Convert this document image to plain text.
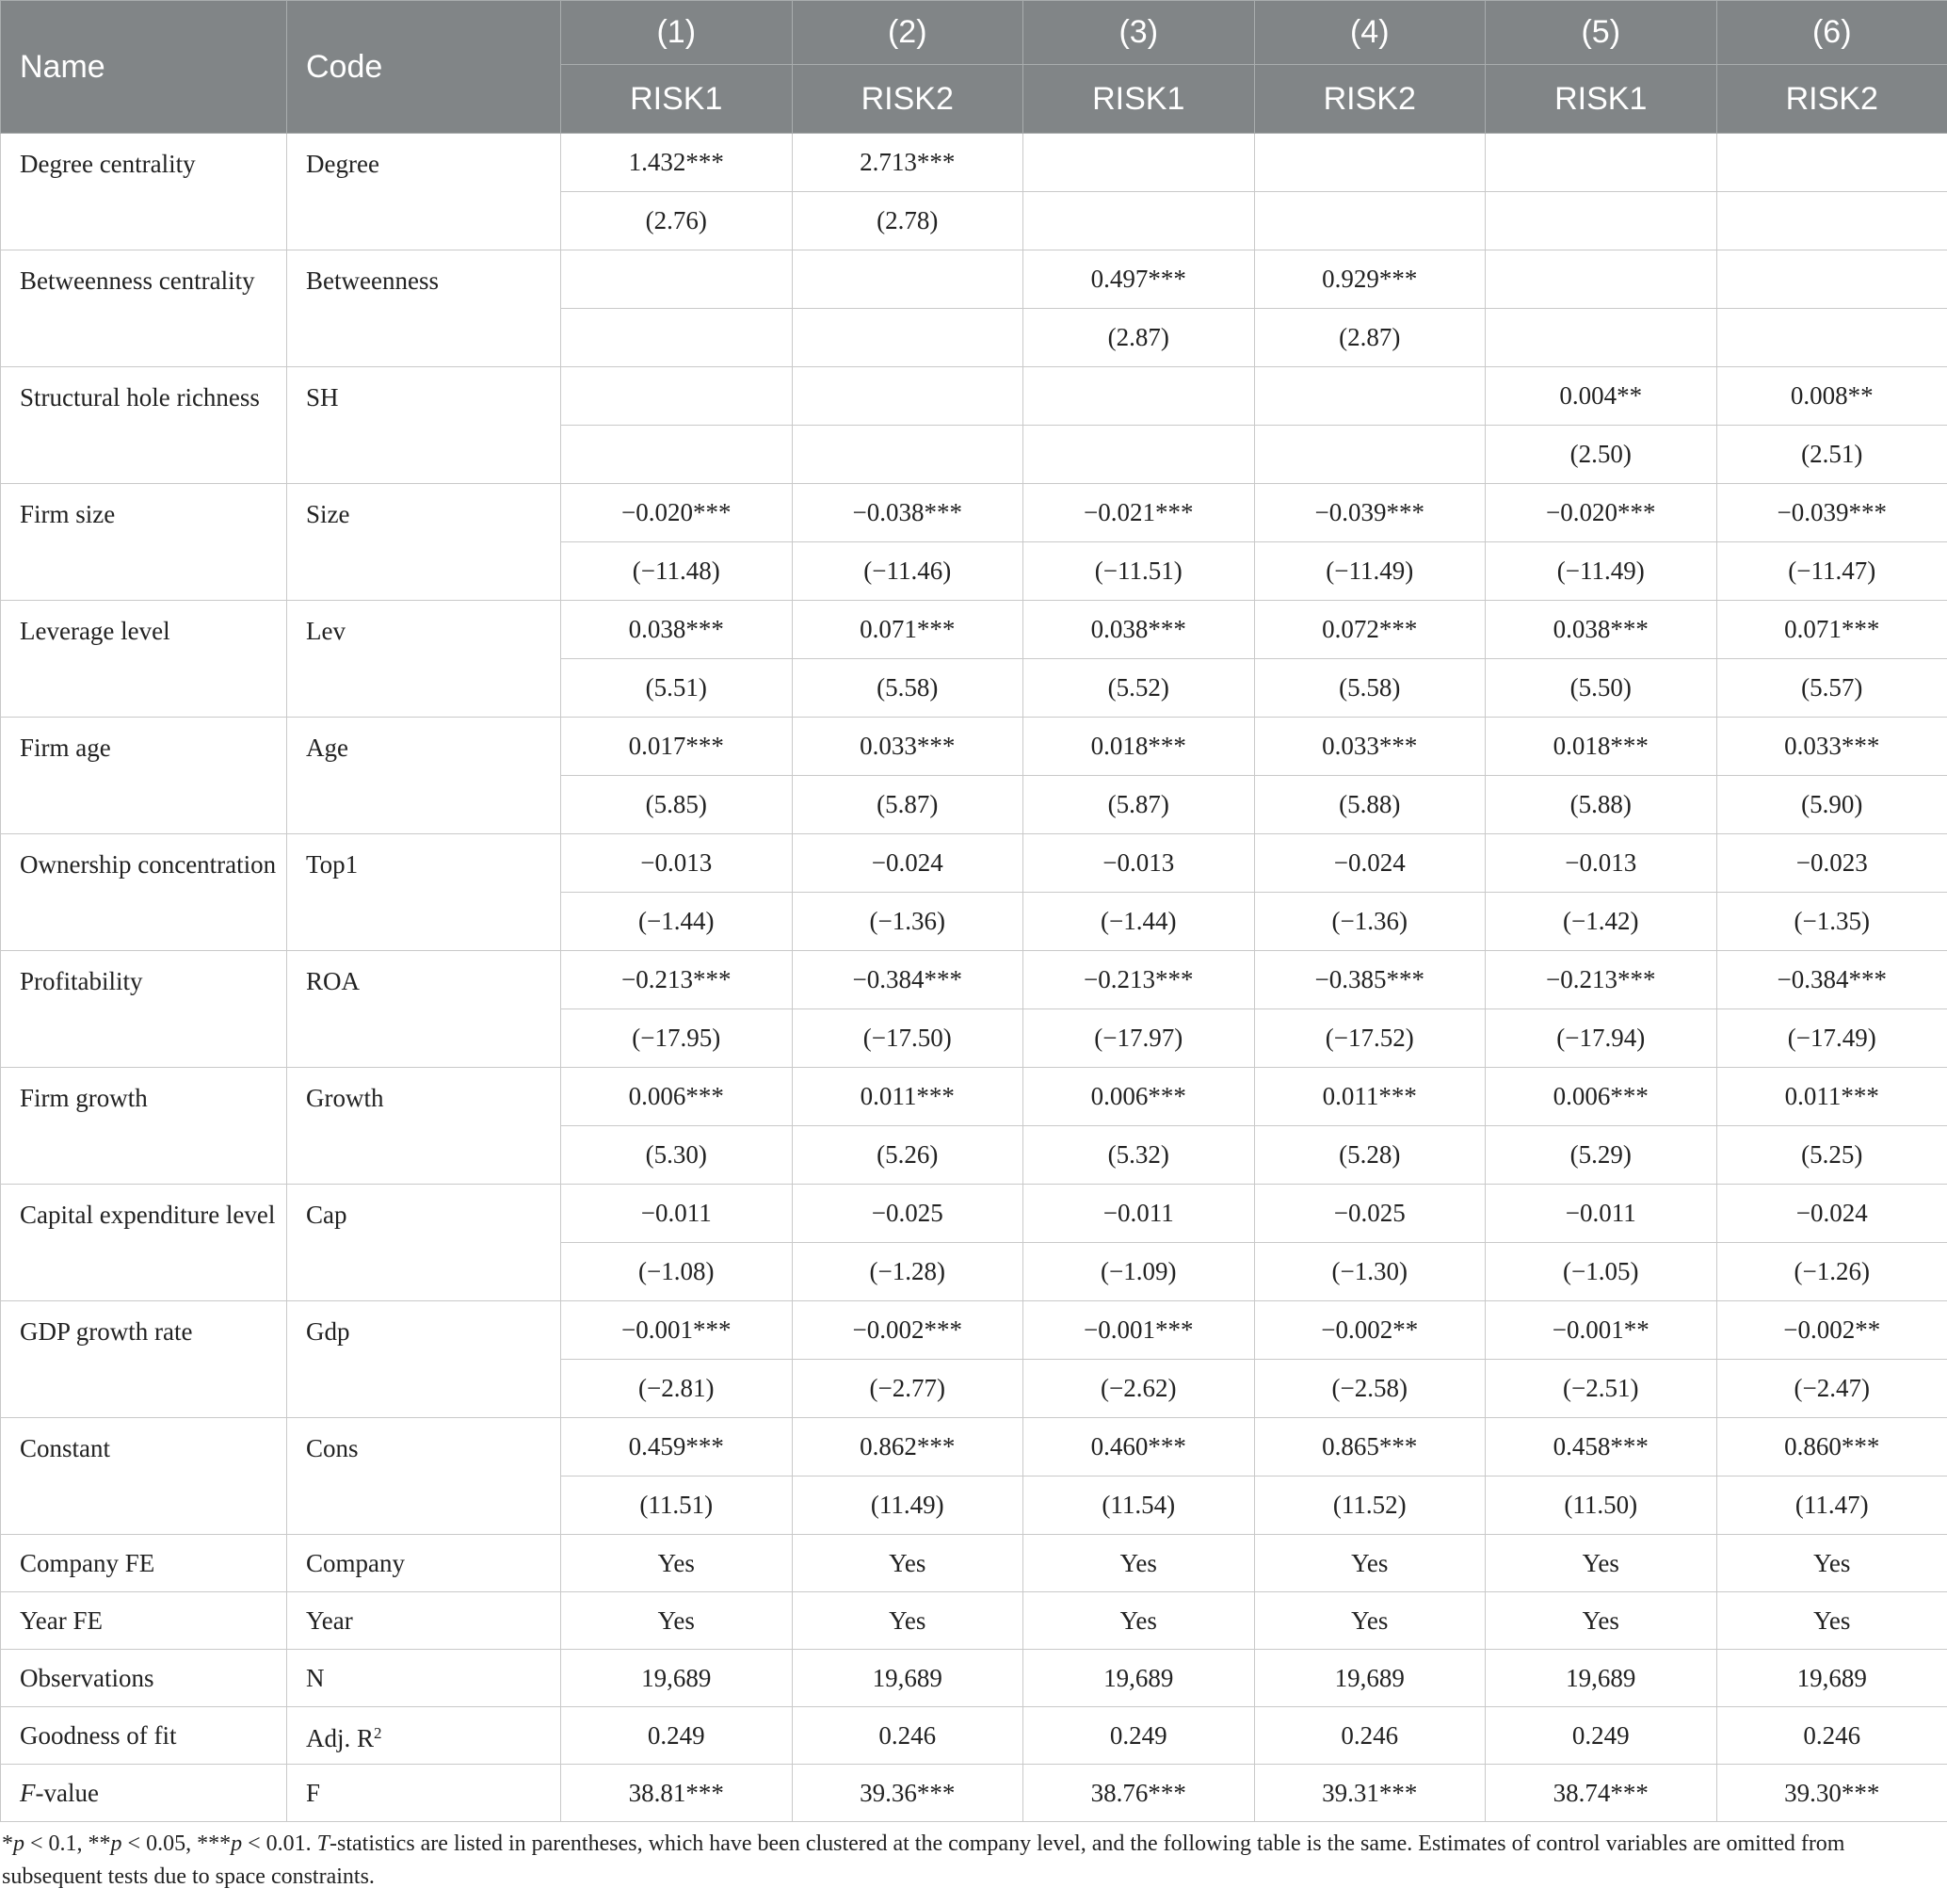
Name	Code	(1)	(2)	(3)	(4)	(5)	(6)
		RISK1	RISK2	RISK1	RISK2	RISK1	RISK2

Degree centrality	Degree	1.432***	2.713***				
		(2.76)	(2.78)				

Betweenness centrality	Betweenness			0.497***	0.929***		
				(2.87)	(2.87)		

Structural hole richness	SH					0.004**	0.008**
						(2.50)	(2.51)

Firm size	Size	−0.020***	−0.038***	−0.021***	−0.039***	−0.020***	−0.039***
		(−11.48)	(−11.46)	(−11.51)	(−11.49)	(−11.49)	(−11.47)

Leverage level	Lev	0.038***	0.071***	0.038***	0.072***	0.038***	0.071***
		(5.51)	(5.58)	(5.52)	(5.58)	(5.50)	(5.57)

Firm age	Age	0.017***	0.033***	0.018***	0.033***	0.018***	0.033***
		(5.85)	(5.87)	(5.87)	(5.88)	(5.88)	(5.90)

Ownership concentration	Top1	−0.013	−0.024	−0.013	−0.024	−0.013	−0.023
		(−1.44)	(−1.36)	(−1.44)	(−1.36)	(−1.42)	(−1.35)

Profitability	ROA	−0.213***	−0.384***	−0.213***	−0.385***	−0.213***	−0.384***
		(−17.95)	(−17.50)	(−17.97)	(−17.52)	(−17.94)	(−17.49)

Firm growth	Growth	0.006***	0.011***	0.006***	0.011***	0.006***	0.011***
		(5.30)	(5.26)	(5.32)	(5.28)	(5.29)	(5.25)

Capital expenditure level	Cap	−0.011	−0.025	−0.011	−0.025	−0.011	−0.024
		(−1.08)	(−1.28)	(−1.09)	(−1.30)	(−1.05)	(−1.26)

GDP growth rate	Gdp	−0.001***	−0.002***	−0.001***	−0.002**	−0.001**	−0.002**
		(−2.81)	(−2.77)	(−2.62)	(−2.58)	(−2.51)	(−2.47)

Constant	Cons	0.459***	0.862***	0.460***	0.865***	0.458***	0.860***
		(11.51)	(11.49)	(11.54)	(11.52)	(11.50)	(11.47)
Company FE	Company	Yes	Yes	Yes	Yes	Yes	Yes
Year FE	Year	Yes	Yes	Yes	Yes	Yes	Yes
Observations	N	19,689	19,689	19,689	19,689	19,689	19,689
Goodness of fit	Adj. $R^2$	0.249	0.246	0.249	0.246	0.249	0.246
F-value	F	38.81***	39.36***	38.76***	39.31***	38.74***	39.30***
*p < 0.1, **p < 0.05, ***p < 0.01. T-statistics are listed in parentheses, which have been clustered at the company level, and the following table is the same. Estimates of control variables are omitted from subsequent tests due to space constraints.
